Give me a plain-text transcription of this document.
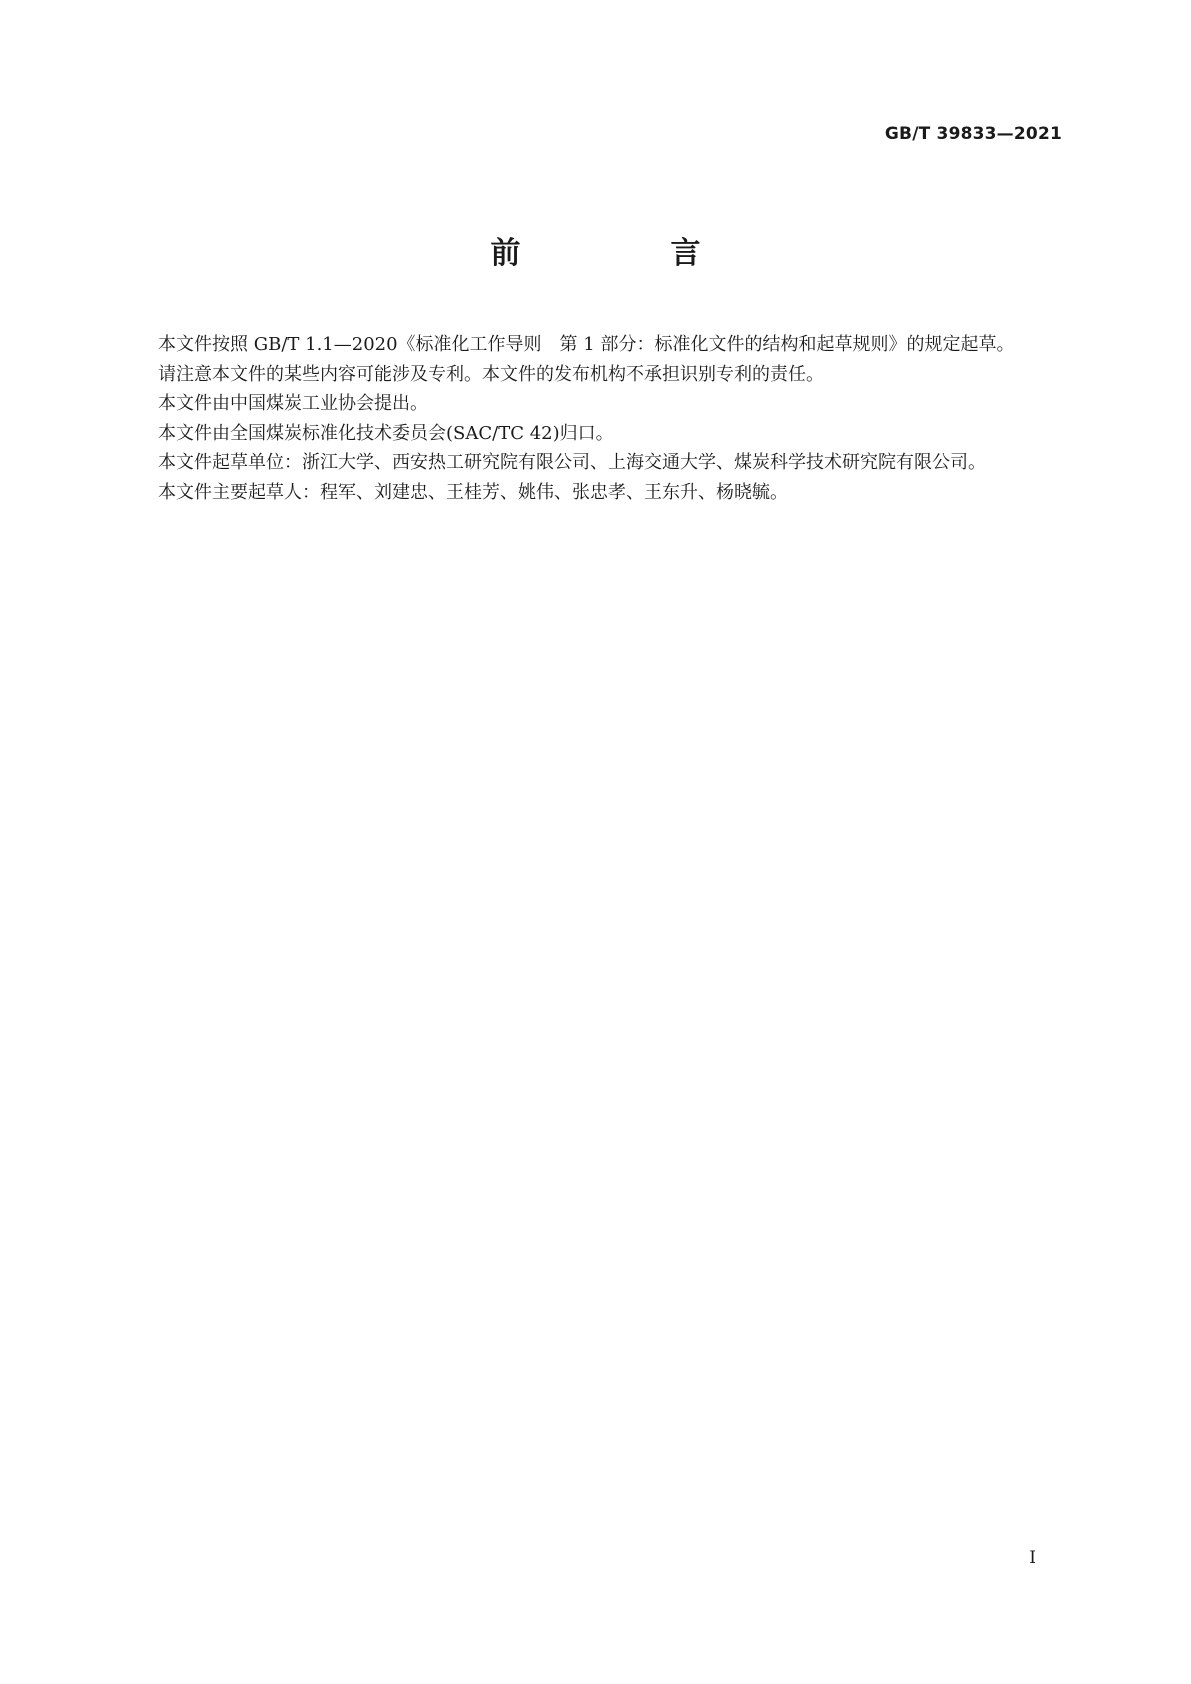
GB/T 39833—2021
前　言

本文件按照 GB/T 1.1—2020《标准化工作导则　第 1 部分：标准化文件的结构和起草规则》的规定起草。

请注意本文件的某些内容可能涉及专利。本文件的发布机构不承担识别专利的责任。

本文件由中国煤炭工业协会提出。

本文件由全国煤炭标准化技术委员会(SAC/TC 42)归口。

本文件起草单位：浙江大学、西安热工研究院有限公司、上海交通大学、煤炭科学技术研究院有限公司。

本文件主要起草人：程军、刘建忠、王桂芳、姚伟、张忠孝、王东升、杨晓毓。

I
